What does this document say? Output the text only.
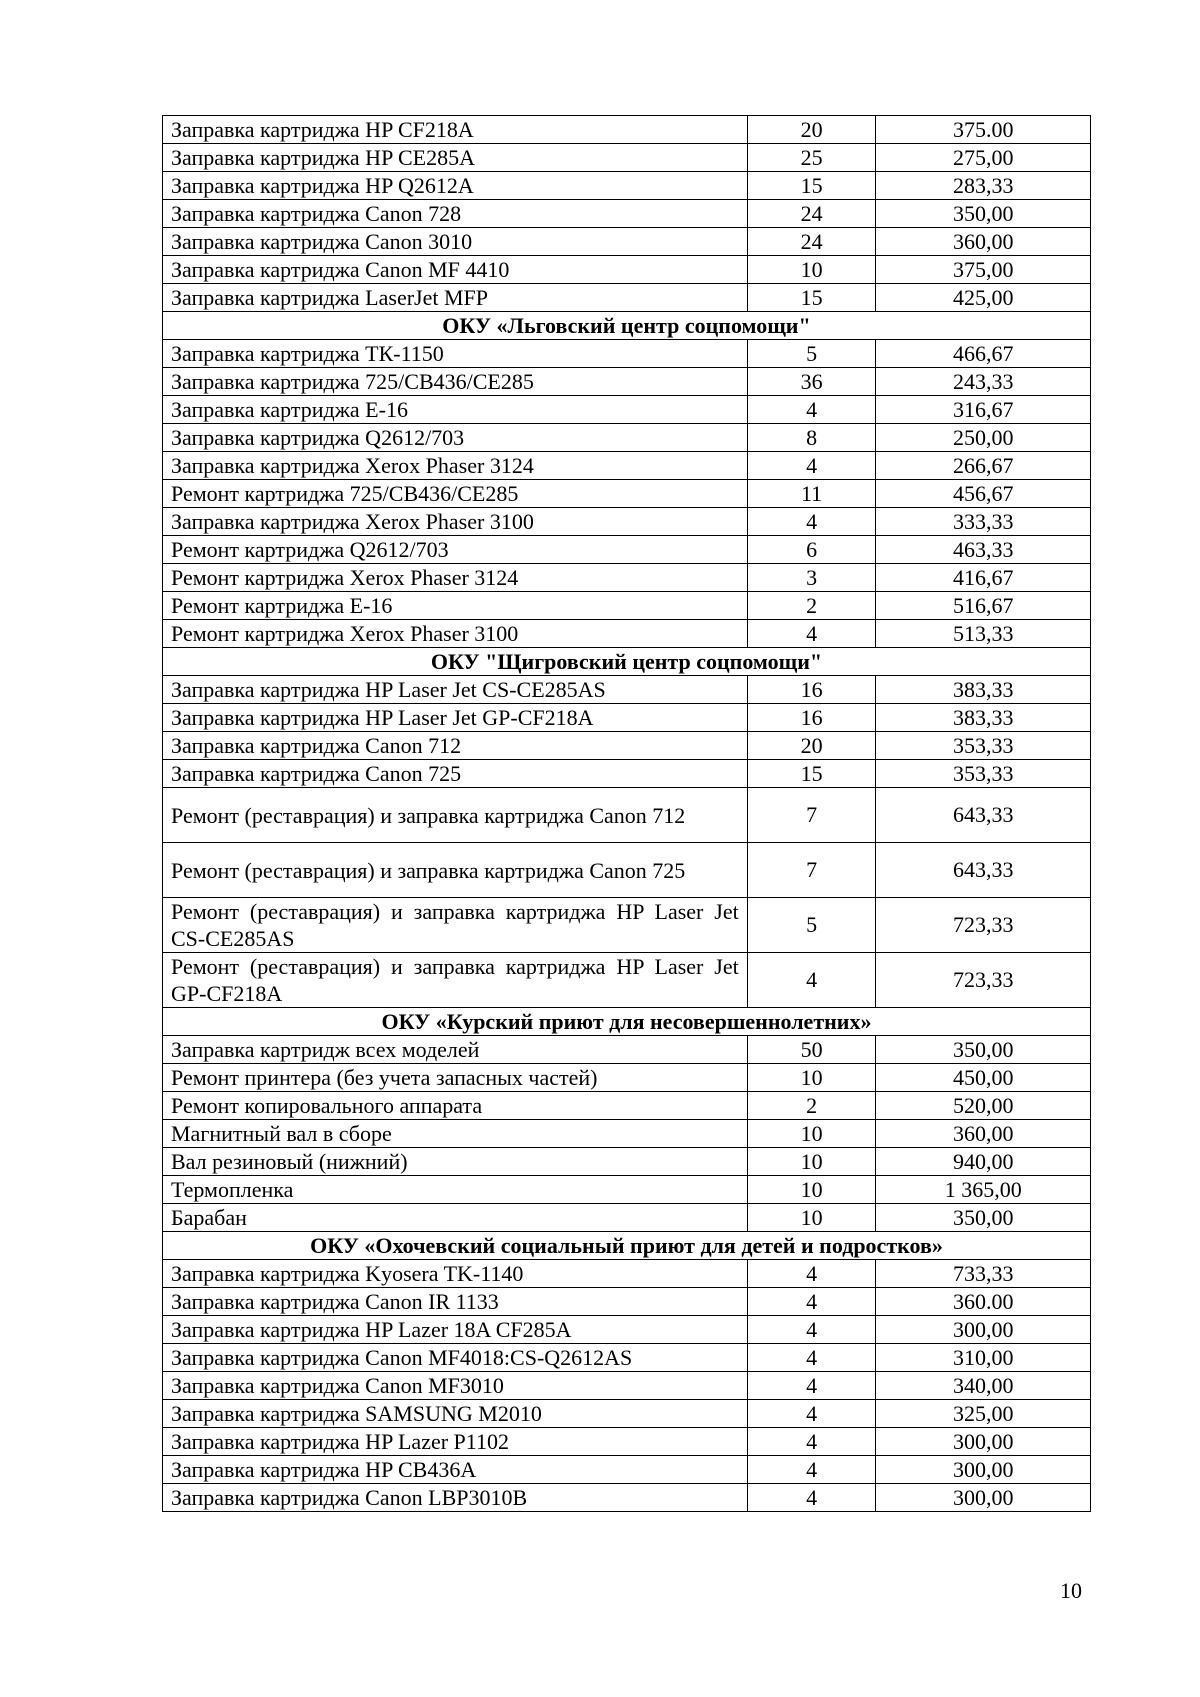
Заправка картриджа HP CF218A	20	375.00
Заправка картриджа HP CE285A	25	275,00
Заправка картриджа HP Q2612A	15	283,33
Заправка картриджа Canon 728	24	350,00
Заправка картриджа Canon 3010	24	360,00
Заправка картриджа Canon MF 4410	10	375,00
Заправка картриджа LaserJet MFP	15	425,00
ОКУ «Льговский центр соцпомощи"		
Заправка картриджа ТК-1150	5	466,67
Заправка картриджа 725/CB436/CE285	36	243,33
Заправка картриджа Е-16	4	316,67
Заправка картриджа Q2612/703	8	250,00
Заправка картриджа Xerox Phaser 3124	4	266,67
Ремонт картриджа 725/CB436/CE285	11	456,67
Заправка картриджа Xerox Phaser 3100	4	333,33
Ремонт картриджа Q2612/703	6	463,33
Ремонт картриджа Xerox Phaser 3124	3	416,67
Ремонт картриджа Е-16	2	516,67
Ремонт картриджа Xerox Phaser 3100	4	513,33
ОКУ "Щигровский центр соцпомощи"		
Заправка картриджа HP Laser Jet CS-CE285AS	16	383,33
Заправка картриджа HP Laser Jet GP-CF218A	16	383,33
Заправка картриджа Canon 712	20	353,33
Заправка картриджа Canon 725	15	353,33
Ремонт (реставрация) и заправка картриджа Canon 712	7	643,33
Ремонт (реставрация) и заправка картриджа Canon 725	7	643,33
Ремонт (реставрация) и заправка картриджа HP Laser Jet CS-CE285AS	5	723,33
Ремонт (реставрация) и заправка картриджа HP Laser Jet GP-CF218A	4	723,33
ОКУ «Курский приют для несовершеннолетних»		
Заправка картридж всех моделей	50	350,00
Ремонт принтера (без учета запасных частей)	10	450,00
Ремонт копировального аппарата	2	520,00
Магнитный вал в сборе	10	360,00
Вал резиновый (нижний)	10	940,00
Термопленка	10	1 365,00
Барабан	10	350,00
ОКУ «Охочевский социальный приют для детей и подростков»		
Заправка картриджа Kyosera TK-1140	4	733,33
Заправка картриджа Canon IR 1133	4	360.00
Заправка картриджа HP Lazer 18A CF285A	4	300,00
Заправка картриджа Canon MF4018:CS-Q2612AS	4	310,00
Заправка картриджа Canon MF3010	4	340,00
Заправка картриджа SAMSUNG M2010	4	325,00
Заправка картриджа HP Lazer P1102	4	300,00
Заправка картриджа HP CB436A	4	300,00
Заправка картриджа Canon LBP3010B	4	300,00
10
